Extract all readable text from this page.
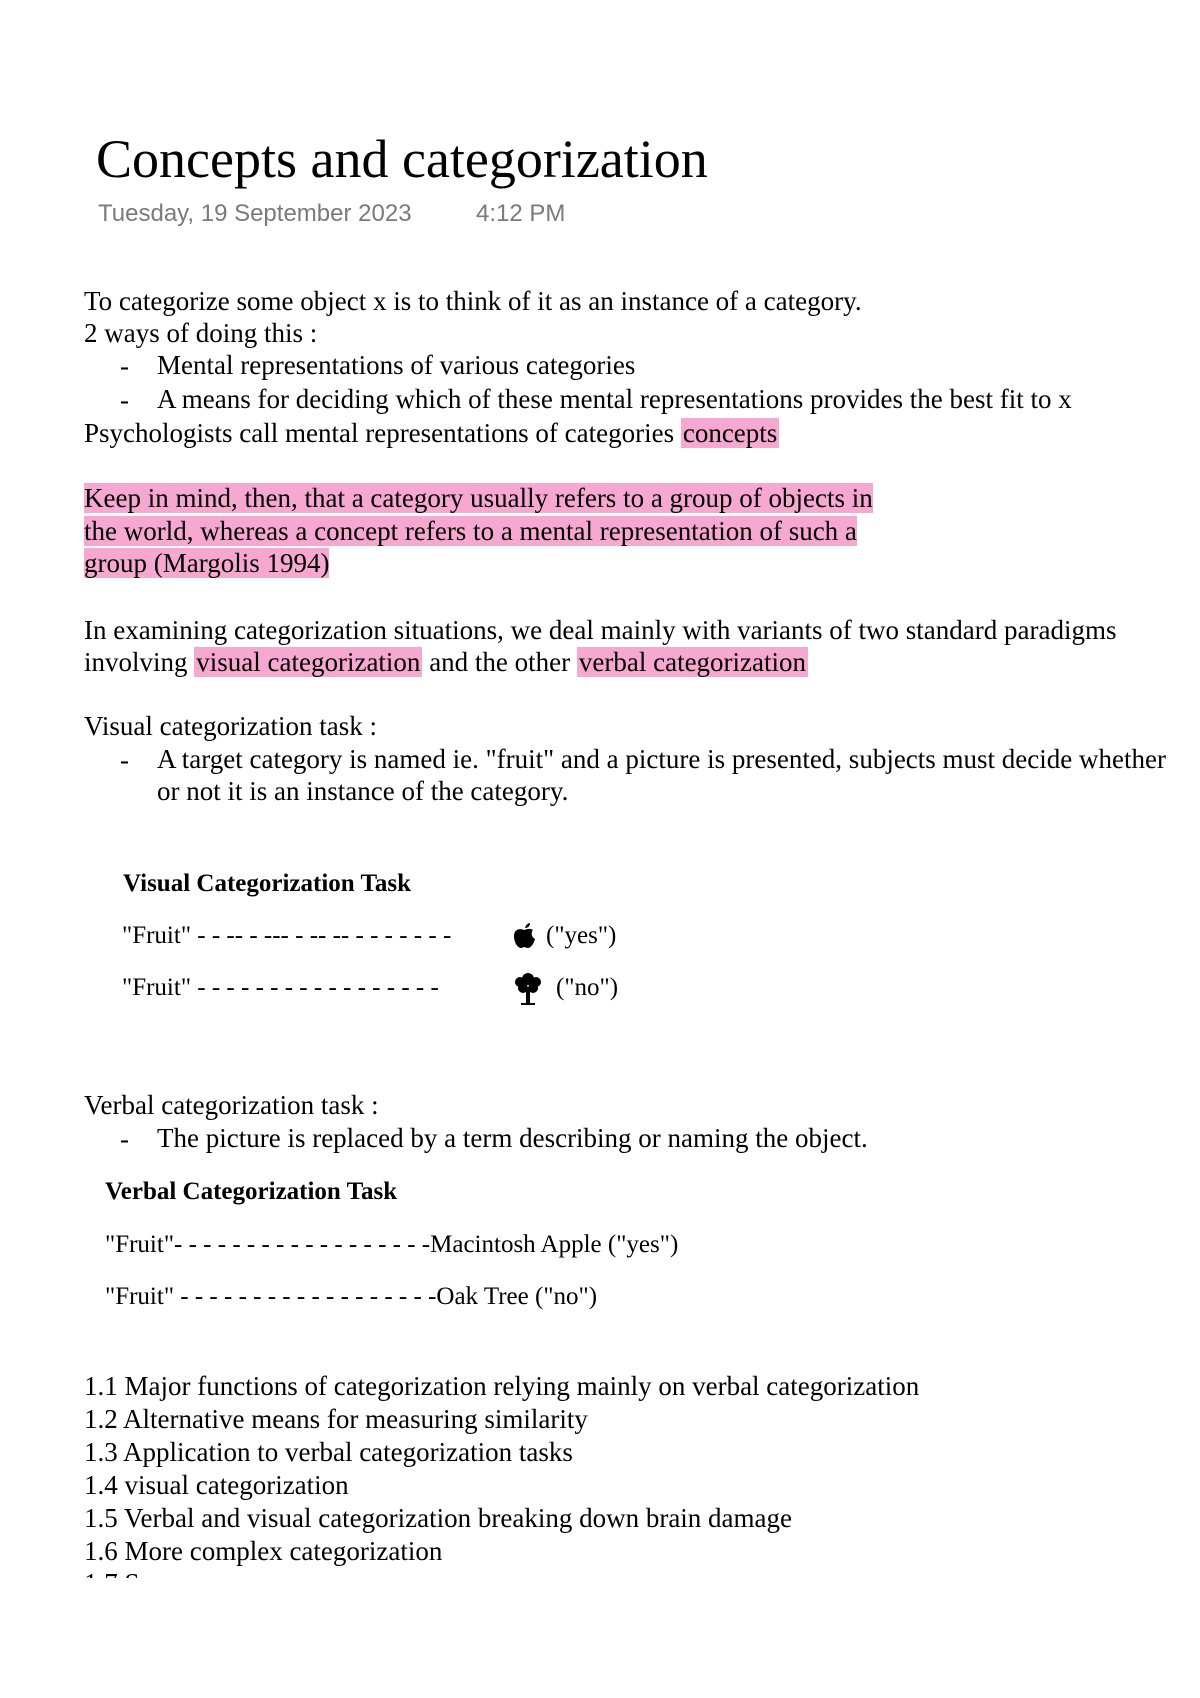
Concepts and categorization
Tuesday, 19 September 2023	4:12 PM
To categorize some object x is to think of it as an instance of a category.
2 ways of doing this :
- Mental representations of various categories
- A means for deciding which of these mental representations provides the best fit to x
Psychologists call mental representations of categories concepts
Keep in mind, then, that a category usually refers to a group of objects in
the world, whereas a concept refers to a mental representation of such a
group (Margolis 1994)
In examining categorization situations, we deal mainly with variants of two standard paradigms
involving visual categorization and the other verbal categorization
Visual categorization task :
- A target category is named ie. "fruit" and a picture is presented, subjects must decide whether
or not it is an instance of the category.
Visual Categorization Task
"Fruit" - - -- - --- - -- -- - - - - - - -	("yes")
"Fruit" - - - - - - - - - - - - - - - - -	("no")
Verbal categorization task :
- The picture is replaced by a term describing or naming the object.
Verbal Categorization Task
"Fruit"- - - - - - - - - - - - - - - - - -Macintosh Apple ("yes")
"Fruit" - - - - - - - - - - - - - - - - - -Oak Tree ("no")
1.1 Major functions of categorization relying mainly on verbal categorization
1.2 Alternative means for measuring similarity
1.3 Application to verbal categorization tasks
1.4 visual categorization
1.5 Verbal and visual categorization breaking down brain damage
1.6 More complex categorization
